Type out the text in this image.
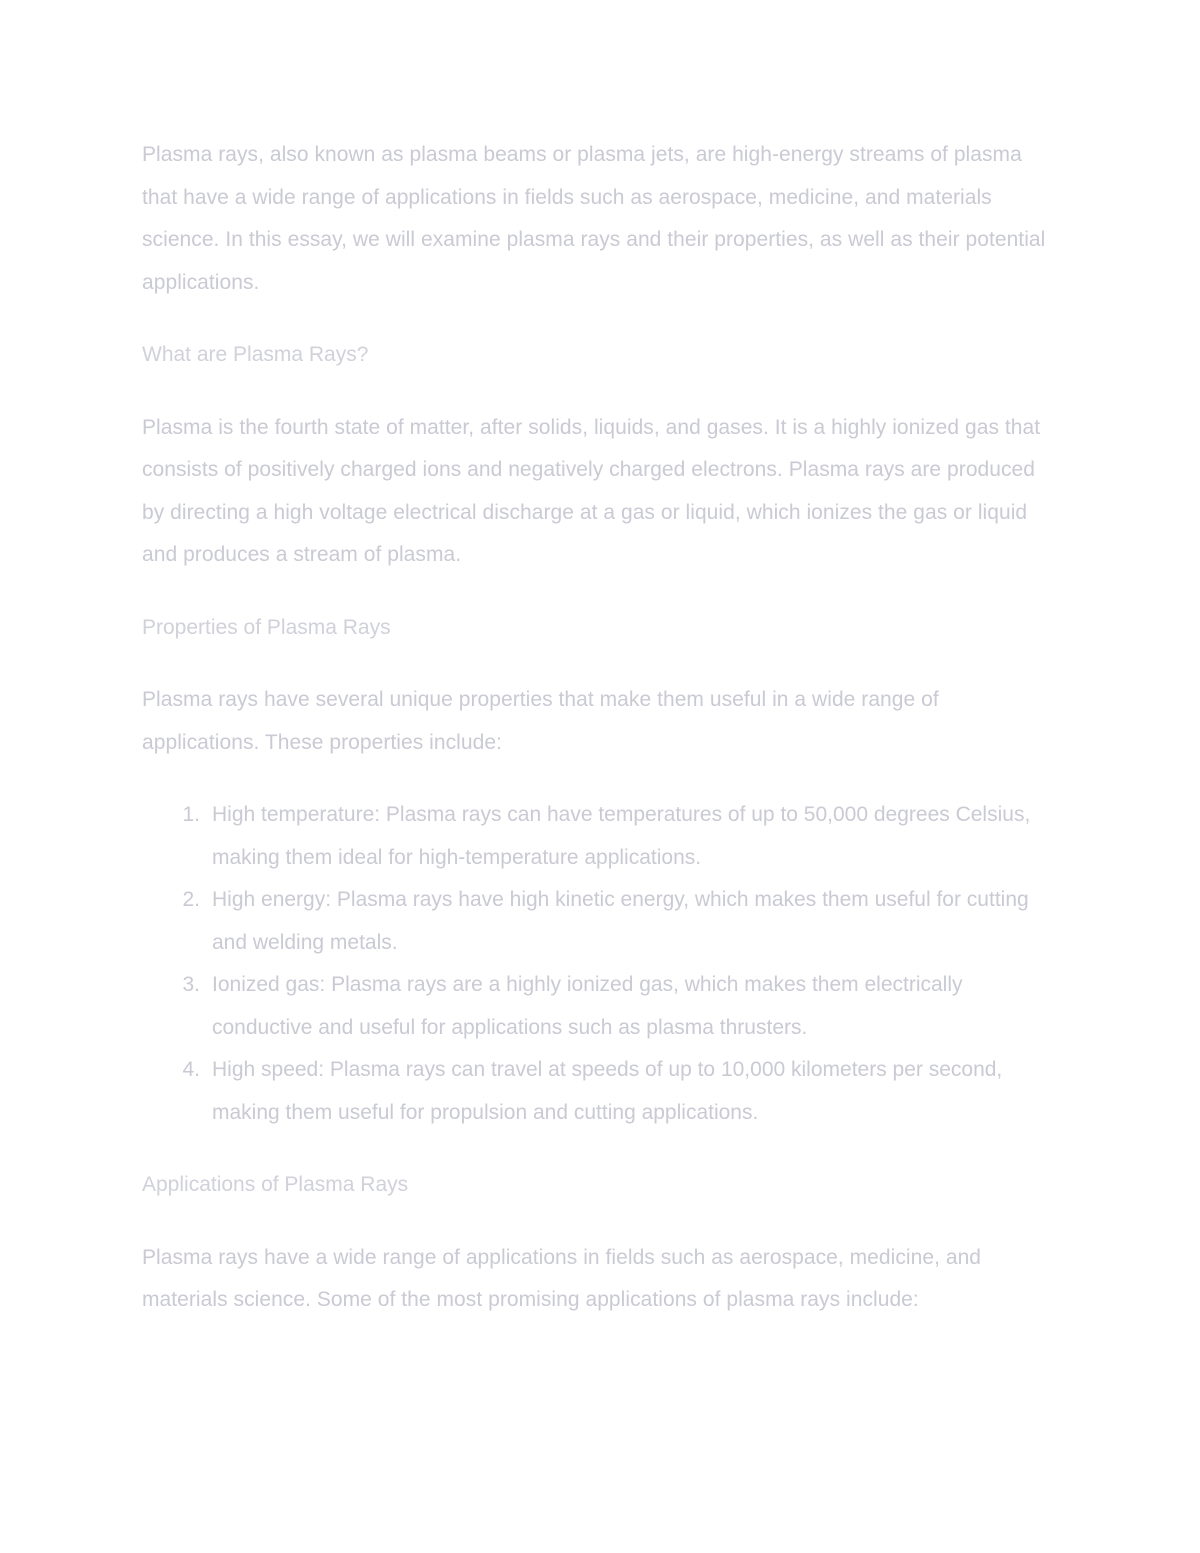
Plasma rays, also known as plasma beams or plasma jets, are high-energy streams of plasma that have a wide range of applications in fields such as aerospace, medicine, and materials science. In this essay, we will examine plasma rays and their properties, as well as their potential applications.

What are Plasma Rays?

Plasma is the fourth state of matter, after solids, liquids, and gases. It is a highly ionized gas that consists of positively charged ions and negatively charged electrons. Plasma rays are produced by directing a high voltage electrical discharge at a gas or liquid, which ionizes the gas or liquid and produces a stream of plasma.

Properties of Plasma Rays

Plasma rays have several unique properties that make them useful in a wide range of applications. These properties include:

1. High temperature: Plasma rays can have temperatures of up to 50,000 degrees Celsius, making them ideal for high-temperature applications.
2. High energy: Plasma rays have high kinetic energy, which makes them useful for cutting and welding metals.
3. Ionized gas: Plasma rays are a highly ionized gas, which makes them electrically conductive and useful for applications such as plasma thrusters.
4. High speed: Plasma rays can travel at speeds of up to 10,000 kilometers per second, making them useful for propulsion and cutting applications.

Applications of Plasma Rays

Plasma rays have a wide range of applications in fields such as aerospace, medicine, and materials science. Some of the most promising applications of plasma rays include:
